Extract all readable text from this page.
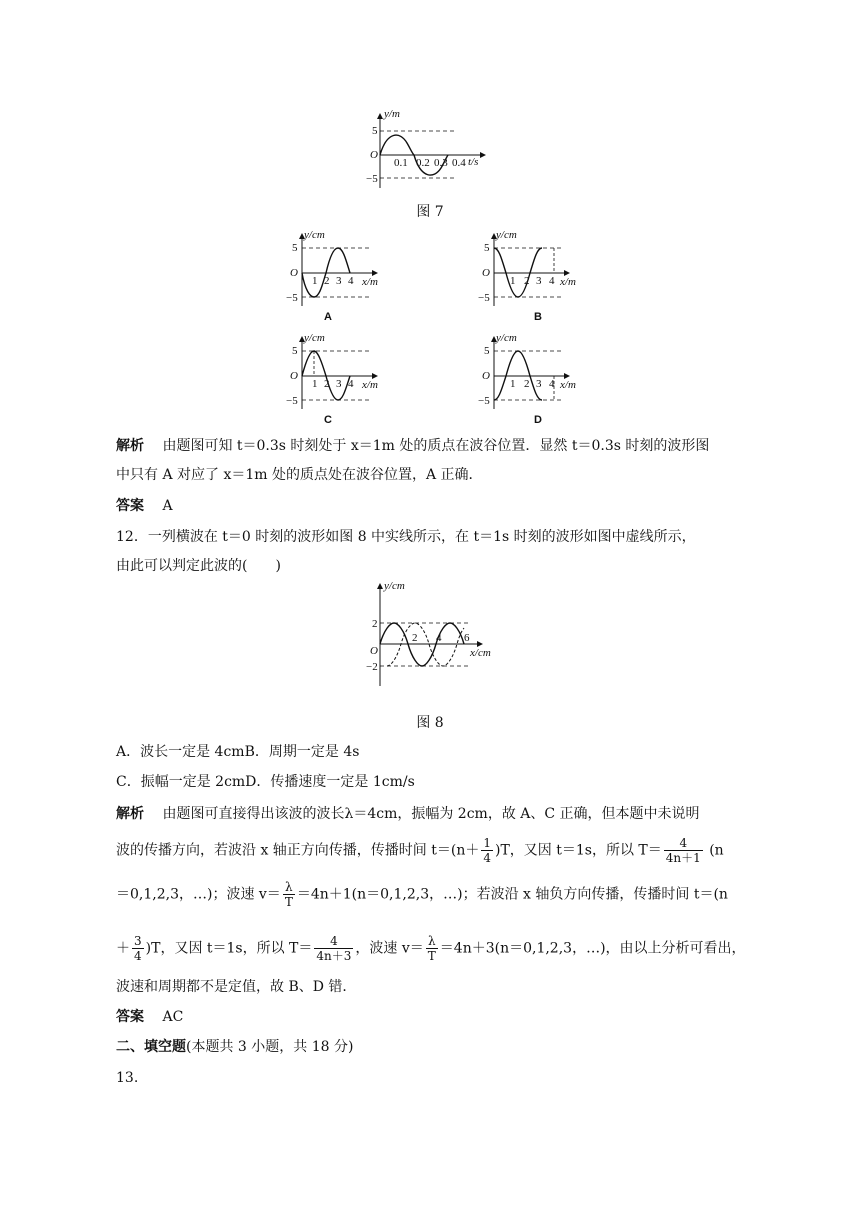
y/m
t/s
O
5
−5
0.1 0.2 0.3 0.4
图 7
y/cm
x/m
O
5
−5
1 2 3 4
A
y/cm
x/m
O
5
−5
1 2 3 4
B
y/cm
x/m
O
5
−5
1 2 3 4
C
y/cm
x/m
O
5
−5
1 2 3 4
D
解析　 由题图可知 t＝0.3s 时刻处于 x＝1m 处的质点在波谷位置．显然 t＝0.3s 时刻的波形图
中只有 A 对应了 x＝1m 处的质点处在波谷位置，A 正确．
答案　 A
12．一列横波在 t＝0 时刻的波形如图 8 中实线所示，在 t＝1s 时刻的波形如图中虚线所示，
由此可以判定此波的(　　)
y/cm
x/cm
O
2
−2
2 4 6
图 8
A．波长一定是 4cmB．周期一定是 4s
C．振幅一定是 2cmD．传播速度一定是 1cm/s
解析　 由题图可直接得出该波的波长λ＝4cm，振幅为 2cm，故 A、C 正确，但本题中未说明
波的传播方向，若波沿 x 轴正方向传播，传播时间 $t=(n+ \frac{1}{4} )T$，又因 t＝1s，所以 $T= \frac{4}{4n+1} (n$
＝0,1,2,3，…)；波速 $v= \frac{\lambda}{T} =4n+1(n=0,1,2,3$，…)；若波沿 x 轴负方向传播，传播时间 t＝(n
＋ $\frac{3}{4} )T$，又因 t＝1s，所以 $T= \frac{4}{4n+3}$ ，波速 $v= \frac{\lambda}{T} =4n+3(n=0,1,2,3$，…)，由以上分析可看出，
波速和周期都不是定值，故 B、D 错．
答案　 AC
二、填空题(本题共 3 小题，共 18 分)
13.
